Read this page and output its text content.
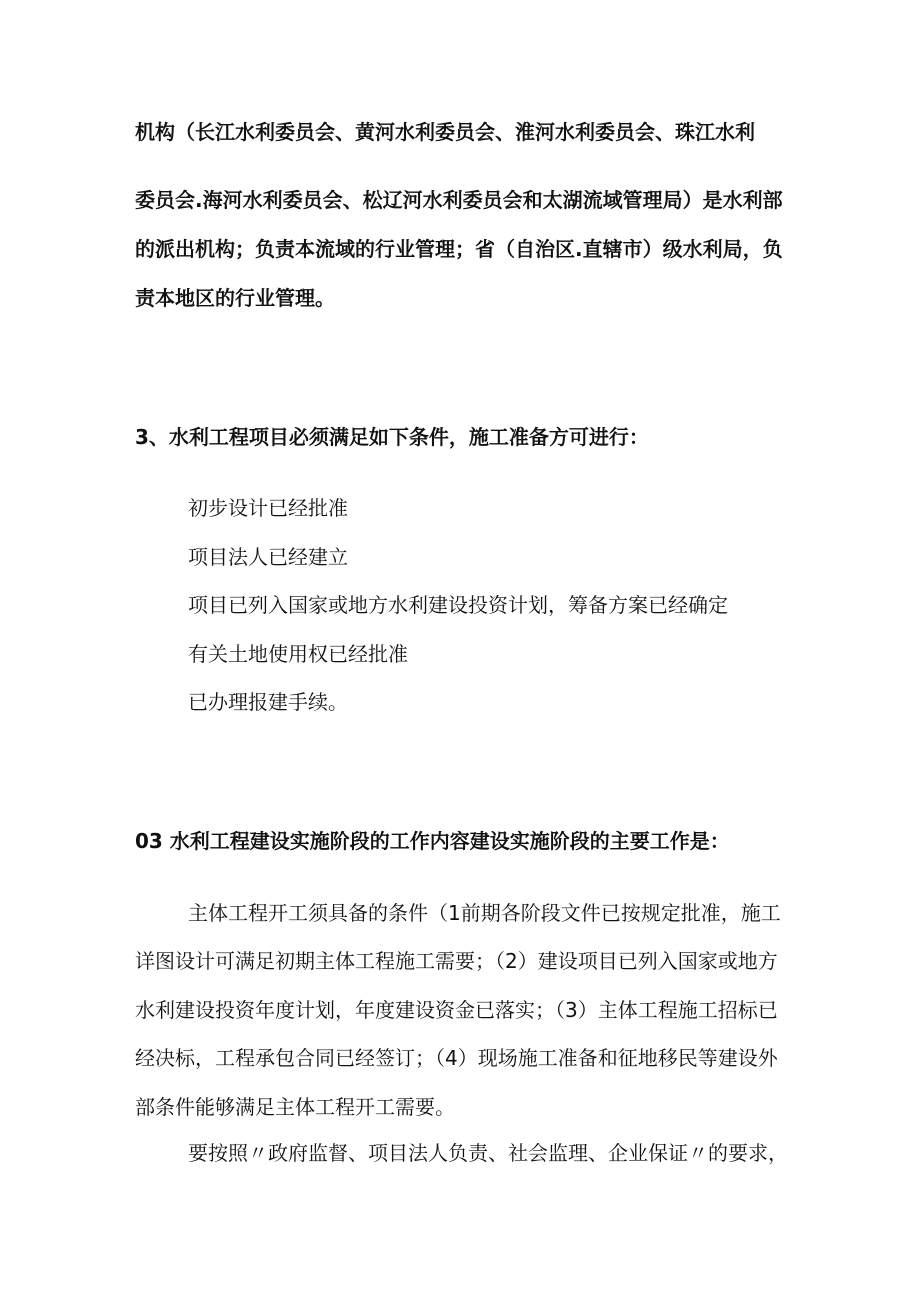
机构（长江水利委员会、黄河水利委员会、淮河水利委员会、珠江水利
委员会.海河水利委员会、松辽河水利委员会和太湖流域管理局）是水利部
的派出机构；负责本流域的行业管理；省（自治区.直辖市）级水利局，负
责本地区的行业管理。
3、水利工程项目必须满足如下条件，施工准备方可进行：
初步设计已经批准
项目法人已经建立
项目已列入国家或地方水利建设投资计划，筹备方案已经确定
有关土地使用权已经批准
已办理报建手续。
03 水利工程建设实施阶段的工作内容建设实施阶段的主要工作是：
主体工程开工须具备的条件（1前期各阶段文件已按规定批准，施工
详图设计可满足初期主体工程施工需要；（2）建设项目已列入国家或地方
水利建设投资年度计划，年度建设资金已落实；（3）主体工程施工招标已
经决标，工程承包合同已经签订；（4）现场施工准备和征地移民等建设外
部条件能够满足主体工程开工需要。
要按照〃政府监督、项目法人负责、社会监理、企业保证〃的要求，
